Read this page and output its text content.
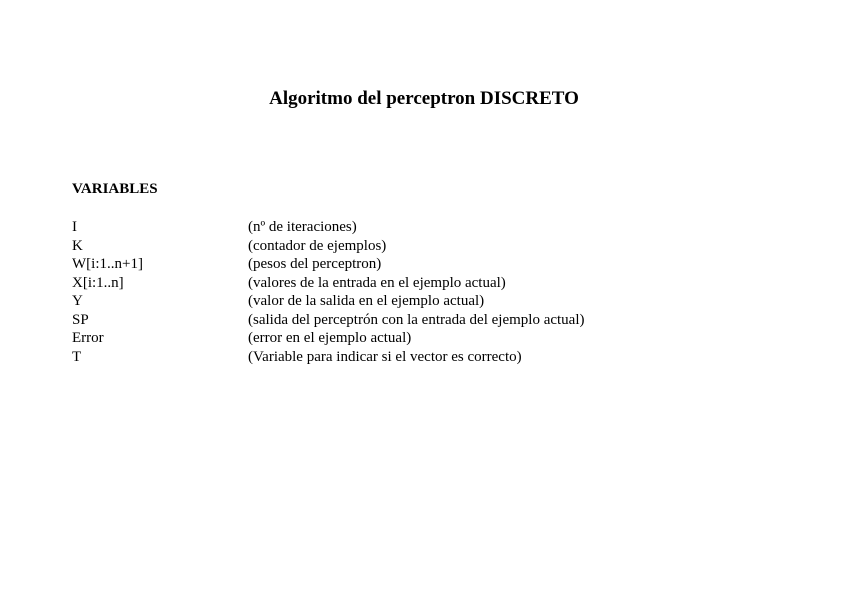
Algoritmo del perceptron DISCRETO
VARIABLES
I	(nº de iteraciones)
K	(contador de ejemplos)
W[i:1..n+1]	(pesos del perceptron)
X[i:1..n]	(valores de la entrada en el ejemplo actual)
Y	(valor de la salida en el ejemplo actual)
SP	(salida del perceptrón con la entrada del ejemplo actual)
Error	(error en el ejemplo actual)
T	(Variable para indicar si el vector es correcto)
